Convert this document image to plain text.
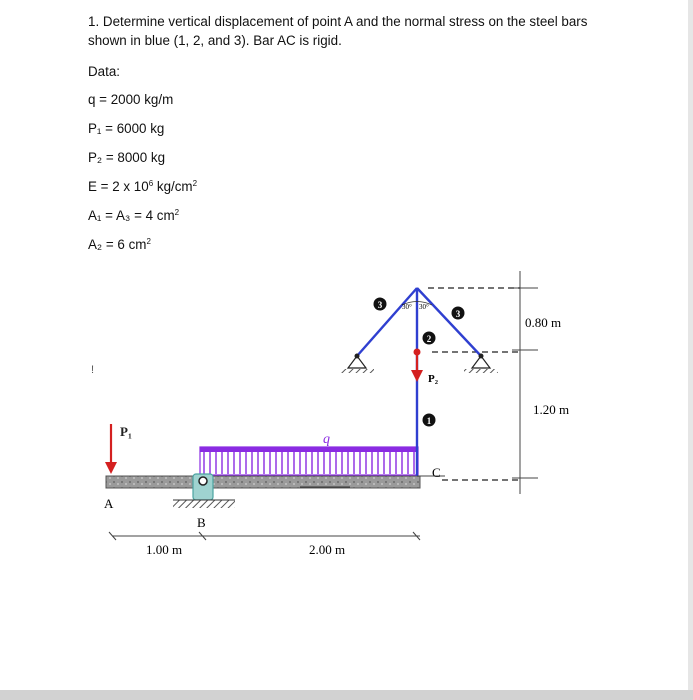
1. Determine vertical displacement of point A and the normal stress on the steel bars shown in blue (1, 2, and 3). Bar AC is rigid.
Data:
q = 2000 kg/m
P₁ = 6000 kg
P₂ = 8000 kg
E = 2 x $10^6$ $kg/cm^2$
A₁ = A₃ = 4 $cm^2$
A₂ = 6 $cm^2$
!
0.80 m
1.20 m
1.00 m	2.00 m
q
P₁
A
B
C
30° 30°
P₂
1
2
3
3
